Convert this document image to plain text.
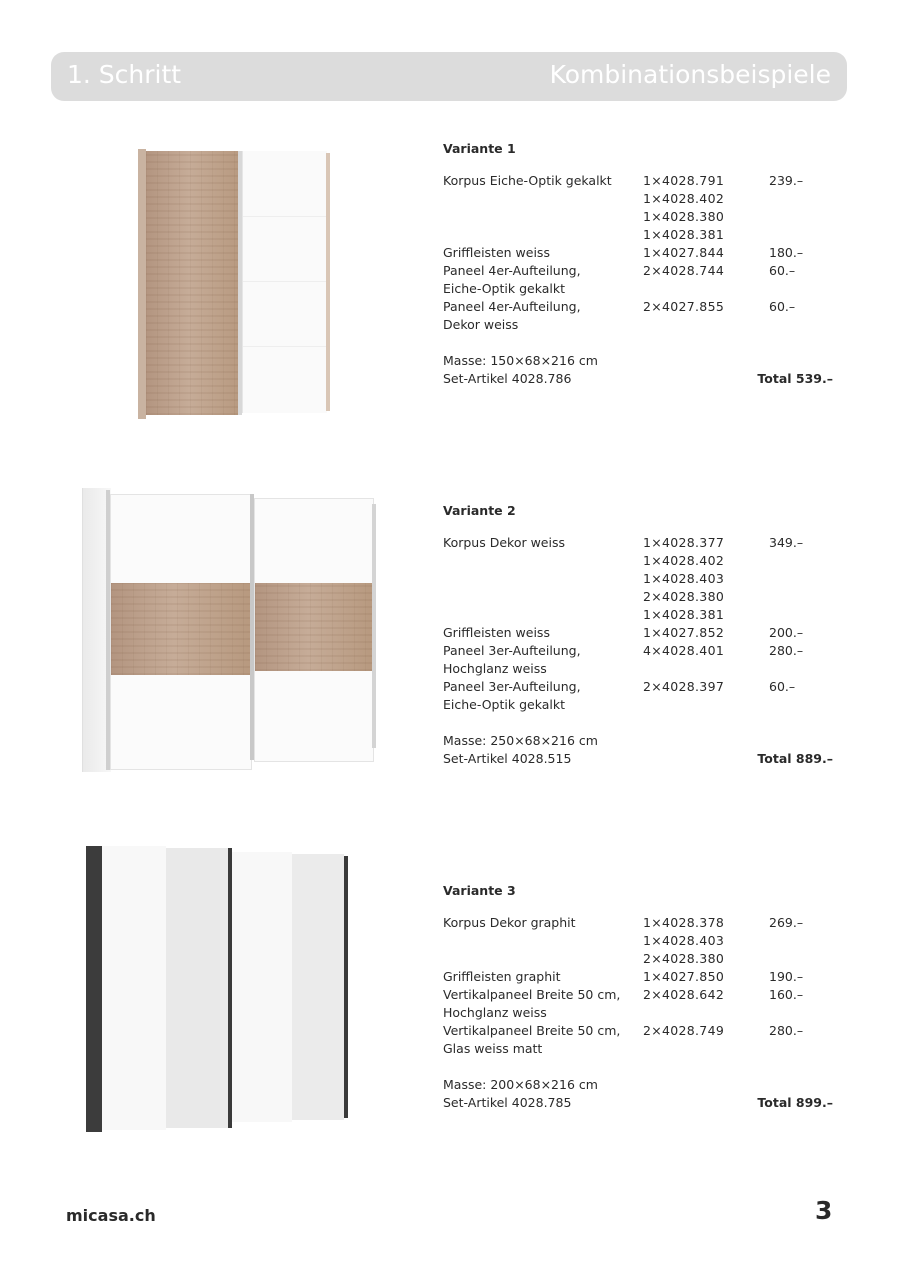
1. Schritt	Kombinationsbeispiele
Variante 1
Korpus Eiche-Optik gekalkt	1×4028.791	239.–
1×4028.402
1×4028.380
1×4028.381
Griffleisten weiss	1×4027.844	180.–
Paneel 4er-Aufteilung,	2×4028.744	60.–
Eiche-Optik gekalkt
Paneel 4er-Aufteilung,	2×4027.855	60.–
Dekor weiss
Masse: 150×68×216 cm
Set-Artikel 4028.786	Total 539.–
Variante 2
Korpus Dekor weiss	1×4028.377	349.–
1×4028.402
1×4028.403
2×4028.380
1×4028.381
Griffleisten weiss	1×4027.852	200.–
Paneel 3er-Aufteilung,	4×4028.401	280.–
Hochglanz weiss
Paneel 3er-Aufteilung,	2×4028.397	60.–
Eiche-Optik gekalkt
Masse: 250×68×216 cm
Set-Artikel 4028.515	Total 889.–
Variante 3
Korpus Dekor graphit	1×4028.378	269.–
1×4028.403
2×4028.380
Griffleisten graphit	1×4027.850	190.–
Vertikalpaneel Breite 50 cm,	2×4028.642	160.–
Hochglanz weiss
Vertikalpaneel Breite 50 cm,	2×4028.749	280.–
Glas weiss matt
Masse: 200×68×216 cm
Set-Artikel 4028.785	Total 899.–
micasa.ch	3
